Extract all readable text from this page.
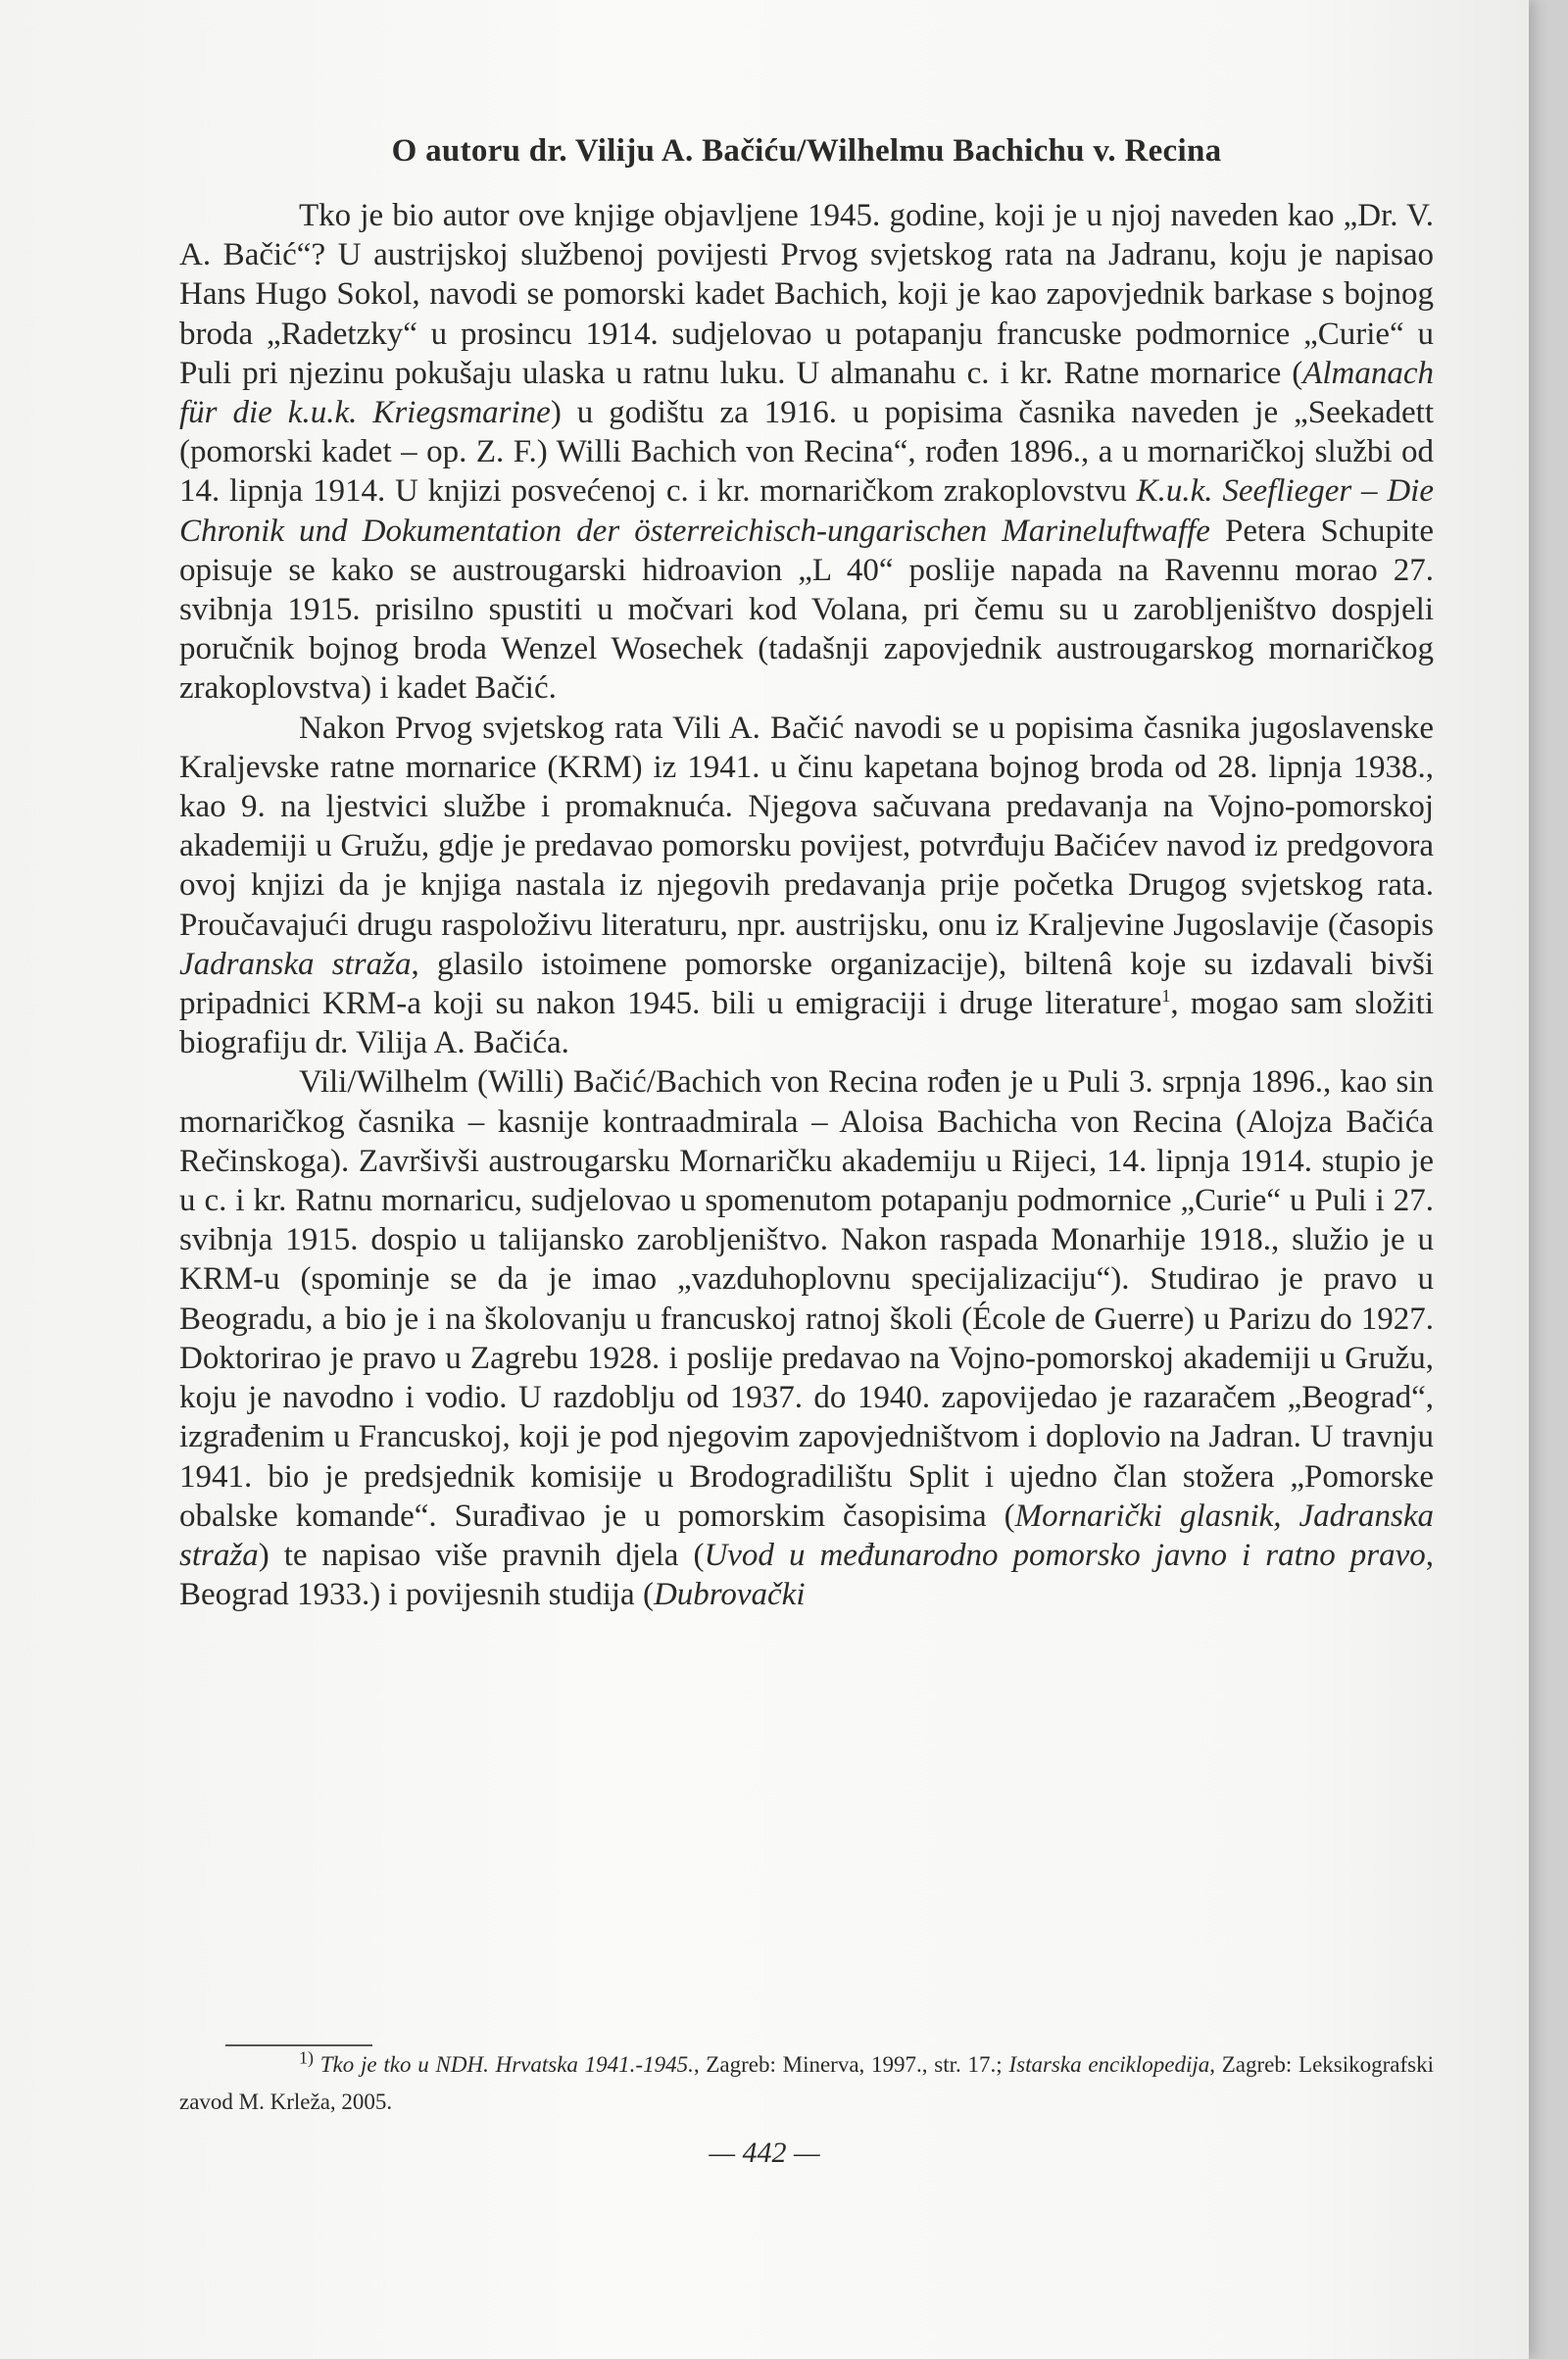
O autoru dr. Viliju A. Bačiću/Wilhelmu Bachichu v. Recina

Tko je bio autor ove knjige objavljene 1945. godine, koji je u njoj naveden kao „Dr. V. A. Bačić“? U austrijskoj službenoj povijesti Prvog svjetskog rata na Jadranu, koju je napisao Hans Hugo Sokol, navodi se pomorski kadet Bachich, koji je kao zapovjednik barkase s bojnog broda „Radetzky“ u prosincu 1914. sudjelovao u potapanju francuske podmornice „Curie“ u Puli pri njezinu pokušaju ulaska u ratnu luku. U almanahu c. i kr. Ratne mornarice (Almanach für die k.u.k. Kriegsmarine) u godištu za 1916. u popisima časnika naveden je „Seekadett (pomorski kadet – op. Z. F.) Willi Bachich von Recina“, rođen 1896., a u mornaričkoj službi od 14. lipnja 1914. U knjizi posvećenoj c. i kr. mornaričkom zrakoplovstvu K.u.k. Seeflieger – Die Chronik und Dokumentation der österreichisch-ungarischen Marineluftwaffe Petera Schupite opisuje se kako se austrougarski hidroavion „L 40“ poslije napada na Ravennu morao 27. svibnja 1915. prisilno spustiti u močvari kod Volana, pri čemu su u zarobljeništvo dospjeli poručnik bojnog broda Wenzel Wosechek (tadašnji zapovjednik austrougarskog mornaričkog zrakoplovstva) i kadet Bačić.

Nakon Prvog svjetskog rata Vili A. Bačić navodi se u popisima časnika jugoslavenske Kraljevske ratne mornarice (KRM) iz 1941. u činu kapetana bojnog broda od 28. lipnja 1938., kao 9. na ljestvici službe i promaknuća. Njegova sačuvana predavanja na Vojno-pomorskoj akademiji u Gružu, gdje je predavao pomorsku povijest, potvrđuju Bačićev navod iz predgovora ovoj knjizi da je knjiga nastala iz njegovih predavanja prije početka Drugog svjetskog rata. Proučavajući drugu raspoloživu literaturu, npr. austrijsku, onu iz Kraljevine Jugoslavije (časopis Jadranska straža, glasilo istoimene pomorske organizacije), biltenâ koje su izdavali bivši pripadnici KRM-a koji su nakon 1945. bili u emigraciji i druge literature$^1$, mogao sam složiti biografiju dr. Vilija A. Bačića.

Vili/Wilhelm (Willi) Bačić/Bachich von Recina rođen je u Puli 3. srpnja 1896., kao sin mornaričkog časnika – kasnije kontraadmirala – Aloisa Bachicha von Recina (Alojza Bačića Rečinskoga). Završivši austrougarsku Mornaričku akademiju u Rijeci, 14. lipnja 1914. stupio je u c. i kr. Ratnu mornaricu, sudjelovao u spomenutom potapanju podmornice „Curie“ u Puli i 27. svibnja 1915. dospio u talijansko zarobljeništvo. Nakon raspada Monarhije 1918., služio je u KRM-u (spominje se da je imao „vazduhoplovnu specijalizaciju“). Studirao je pravo u Beogradu, a bio je i na školovanju u francuskoj ratnoj školi (École de Guerre) u Parizu do 1927. Doktorirao je pravo u Zagrebu 1928. i poslije predavao na Vojno-pomorskoj akademiji u Gružu, koju je navodno i vodio. U razdoblju od 1937. do 1940. zapovijedao je razaračem „Beograd“, izgrađenim u Francuskoj, koji je pod njegovim zapovjedništvom i doplovio na Jadran. U travnju 1941. bio je predsjednik komisije u Brodogradilištu Split i ujedno član stožera „Pomorske obalske komande“. Surađivao je u pomorskim časopisima (Mornarički glasnik, Jadranska straža) te napisao više pravnih djela (Uvod u međunarodno pomorsko javno i ratno pravo, Beograd 1933.) i povijesnih studija (Dubrovački

$^{1)}$ Tko je tko u NDH. Hrvatska 1941.-1945., Zagreb: Minerva, 1997., str. 17.; Istarska enciklopedija, Zagreb: Leksikografski zavod M. Krleža, 2005.
— 442 —
